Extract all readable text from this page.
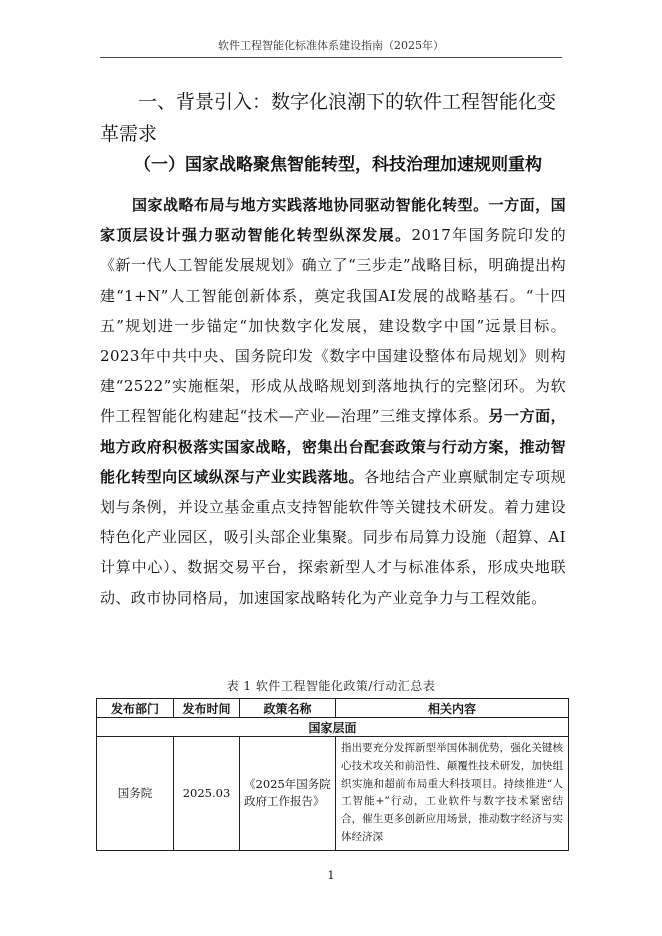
软件工程智能化标准体系建设指南（2025年）
一、背景引入：数字化浪潮下的软件工程智能化变革需求
（一）国家战略聚焦智能转型，科技治理加速规则重构
国家战略布局与地方实践落地协同驱动智能化转型。一方面，国家顶层设计强力驱动智能化转型纵深发展。2017年国务院印发的《新一代人工智能发展规划》确立了“三步走”战略目标，明确提出构建“1+N”人工智能创新体系，奠定我国AI发展的战略基石。“十四五”规划进一步锚定“加快数字化发展，建设数字中国”远景目标。2023年中共中央、国务院印发《数字中国建设整体布局规划》则构建“2522”实施框架，形成从战略规划到落地执行的完整闭环。为软件工程智能化构建起“技术—产业—治理”三维支撑体系。另一方面，地方政府积极落实国家战略，密集出台配套政策与行动方案，推动智能化转型向区域纵深与产业实践落地。各地结合产业禀赋制定专项规划与条例，并设立基金重点支持智能软件等关键技术研发。着力建设特色化产业园区，吸引头部企业集聚。同步布局算力设施（超算、AI计算中心）、数据交易平台，探索新型人才与标准体系，形成央地联动、政市协同格局，加速国家战略转化为产业竞争力与工程效能。
表 1 软件工程智能化政策/行动汇总表
发布部门	发布时间	政策名称	相关内容
国家层面			
国务院	2025.03	《2025年国务院政府工作报告》	指出要充分发挥新型举国体制优势，强化关键核心技术攻关和前沿性、颠覆性技术研发，加快组织实施和超前布局重大科技项目。持续推进“人工智能+”行动，工业软件与数字技术紧密结合，催生更多创新应用场景，推动数字经济与实体经济深
1
